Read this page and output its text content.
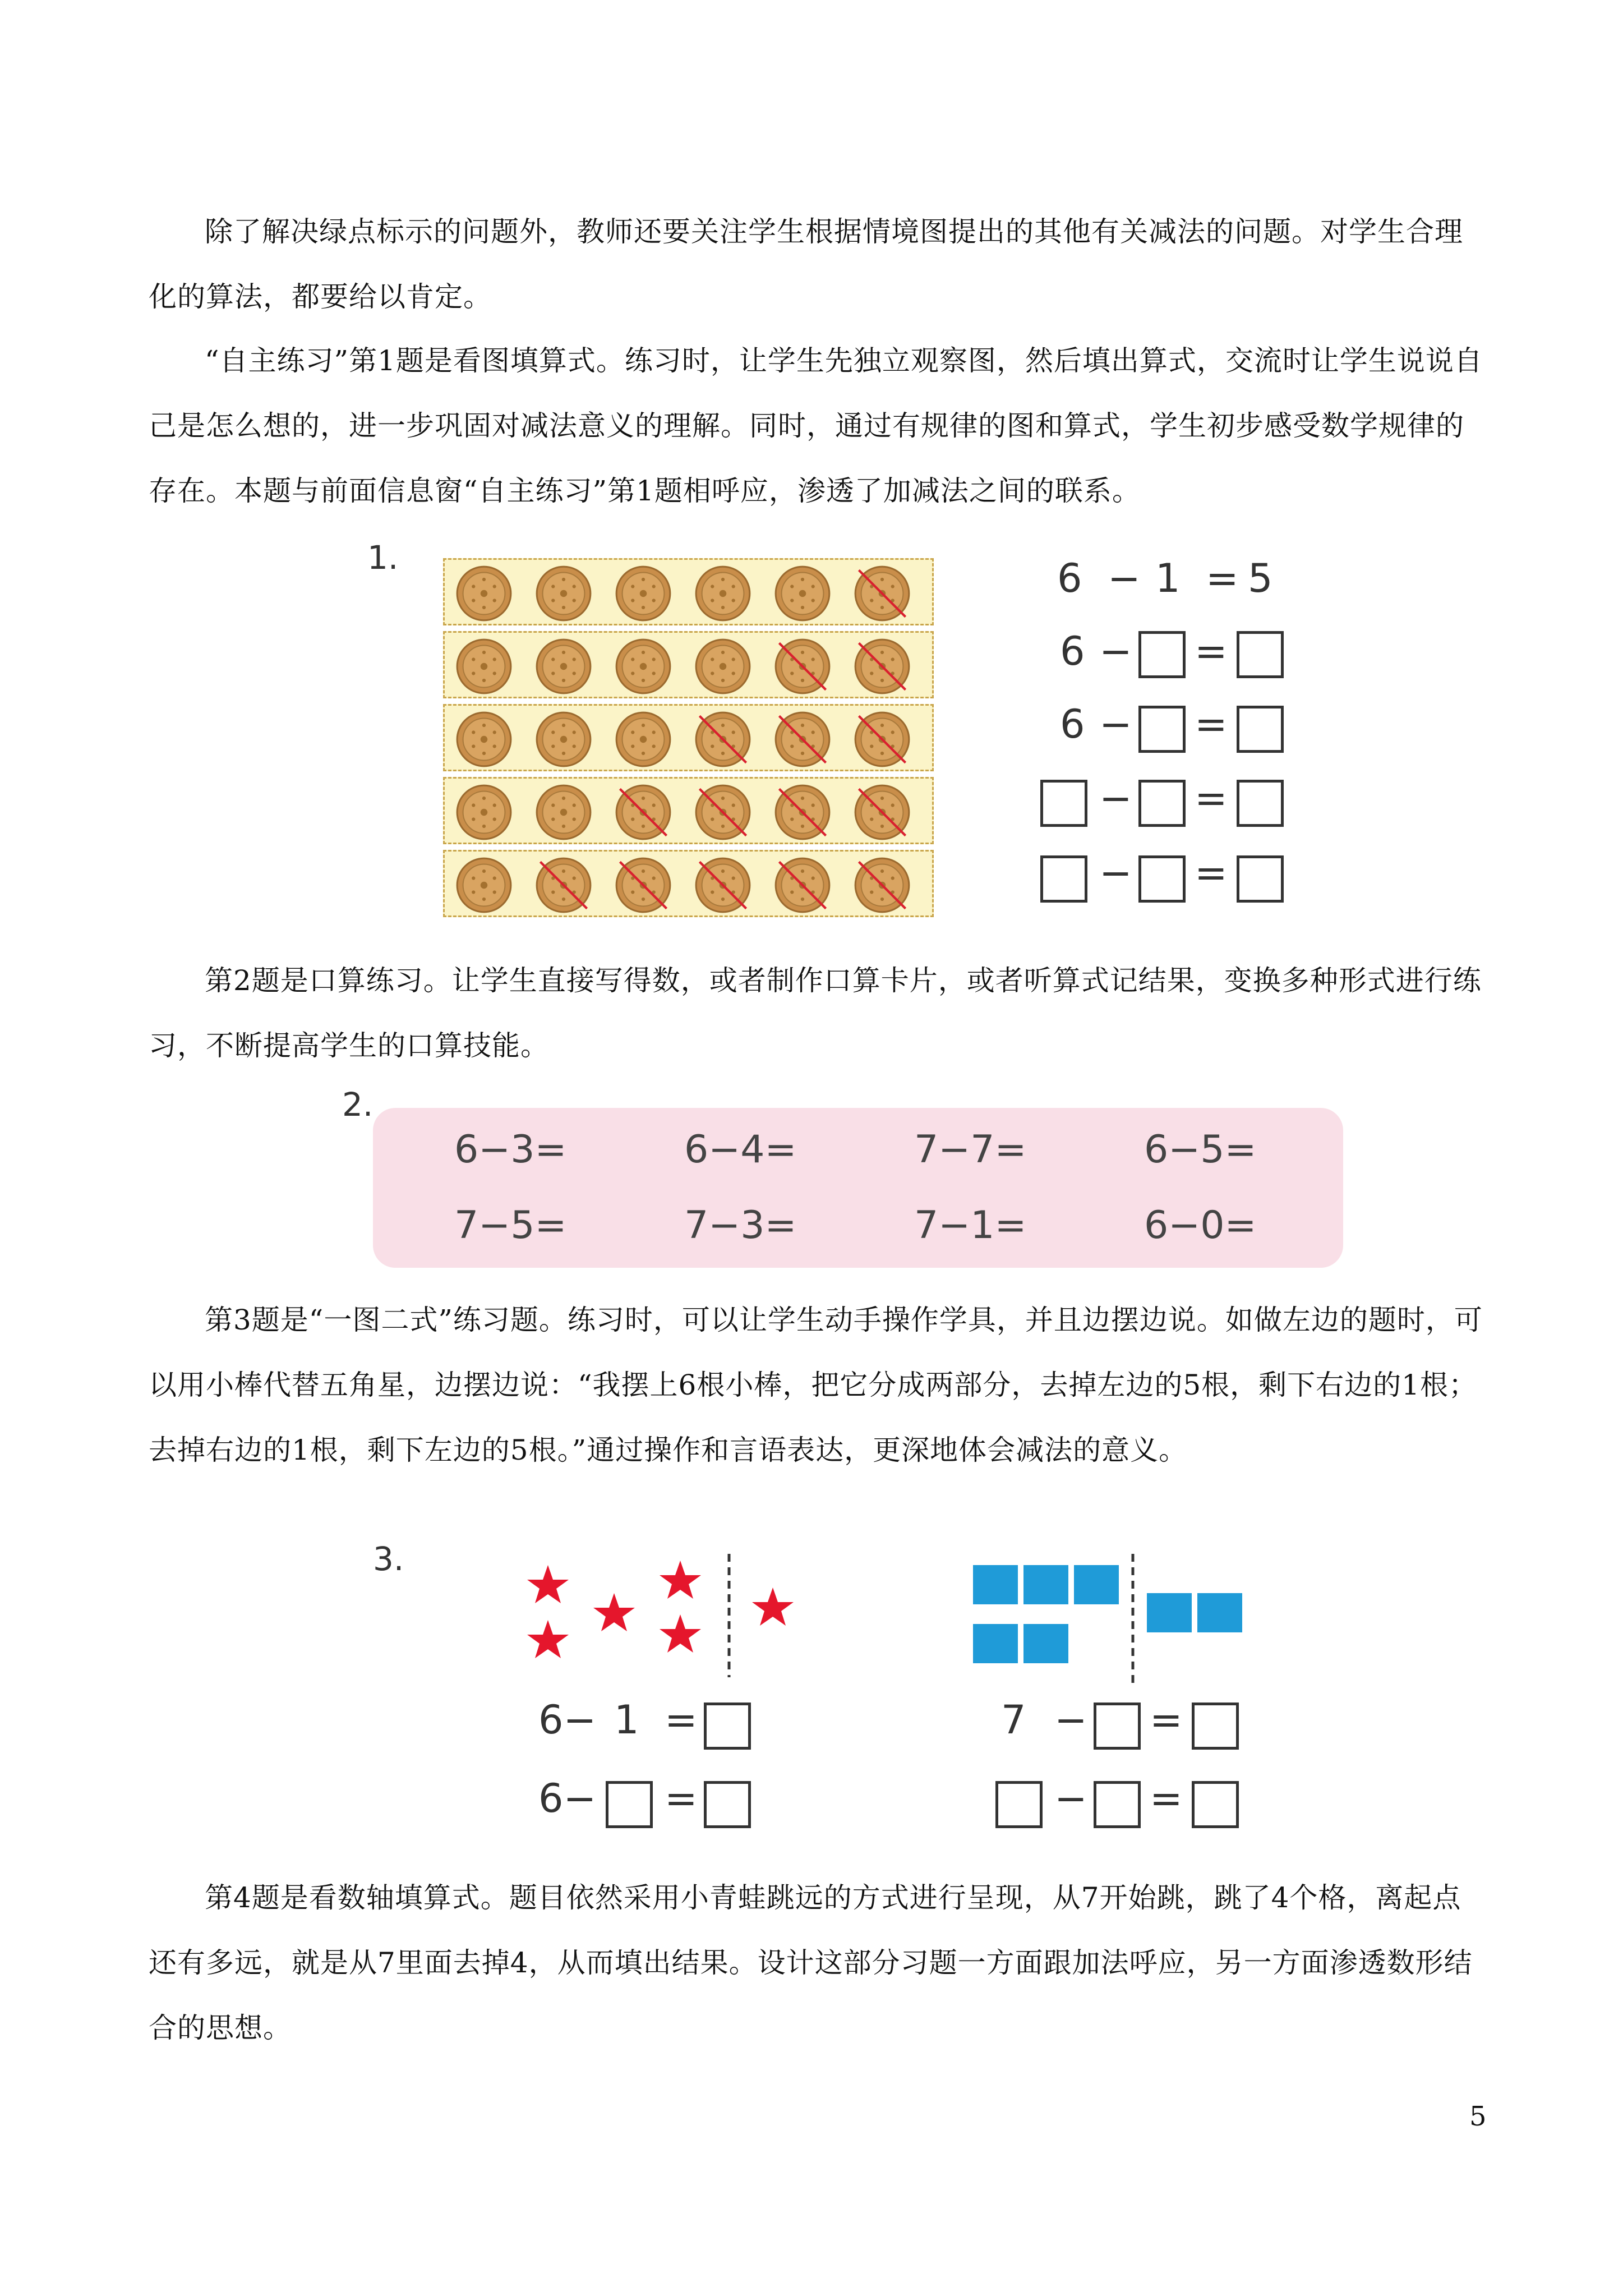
除了解决绿点标示的问题外，教师还要关注学生根据情境图提出的其他有关减法的问题。对学生合理化的算法，都要给以肯定。

“自主练习”第1题是看图填算式。练习时，让学生先独立观察图，然后填出算式，交流时让学生说说自己是怎么想的，进一步巩固对减法意义的理解。同时，通过有规律的图和算式，学生初步感受数学规律的存在。本题与前面信息窗“自主练习”第1题相呼应，渗透了加减法之间的联系。

1.	6 − 1 = 5
6 − =
6 − =
− =
− =

第2题是口算练习。让学生直接写得数，或者制作口算卡片，或者听算式记结果，变换多种形式进行练习，不断提高学生的口算技能。

2.
6−3=	6−4=	7−7=	6−5=
7−5=	7−3=	7−1=	6−0=

第3题是“一图二式”练习题。练习时，可以让学生动手操作学具，并且边摆边说。如做左边的题时，可以用小棒代替五角星，边摆边说：“我摆上6根小棒，把它分成两部分，去掉左边的5根，剩下右边的1根；去掉右边的1根，剩下左边的5根。”通过操作和言语表达，更深地体会减法的意义。

3.
6− 1 =
6− =
7 − =
− =

第4题是看数轴填算式。题目依然采用小青蛙跳远的方式进行呈现，从7开始跳，跳了4个格，离起点还有多远，就是从7里面去掉4，从而填出结果。设计这部分习题一方面跟加法呼应，另一方面渗透数形结合的思想。

5
